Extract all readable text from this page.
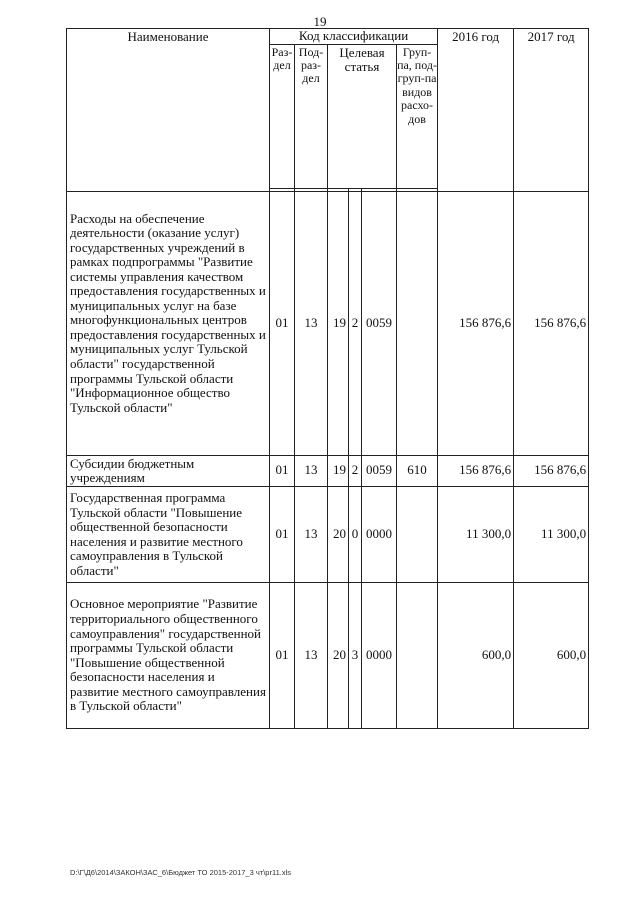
19
Наименование	Код классификации						2016 год	2017 год
	Раз-дел	Под-раз-дел	Целевая статья			Груп-па, под-груп-па видов расхо-дов		

Расходы на обеспечение деятельности (оказание услуг) государственных учреждений в рамках подпрограммы "Развитие системы управления качеством предоставления государственных и муниципальных услуг на базе многофункциональных центров предоставления государственных и муниципальных услуг Тульской области" государственной программы Тульской области "Информационное общество Тульской области"	01	13	19	2	0059		156 876,6	156 876,6
Субсидии бюджетным учреждениям	01	13	19	2	0059	610	156 876,6	156 876,6
Государственная программа Тульской области "Повышение общественной безопасности населения и развитие местного самоуправления в Тульской области"	01	13	20	0	0000		11 300,0	11 300,0
Основное мероприятие "Развитие территориального общественного самоуправления" государственной программы Тульской области "Повышение общественной безопасности населения и развитие местного самоуправления в Тульской области"	01	13	20	3	0000		600,0	600,0
D:\Г\Д6\2014\ЗАКОН\ЗАС_6\Бюджет ТО 2015-2017_3 чт\pr11.xls
